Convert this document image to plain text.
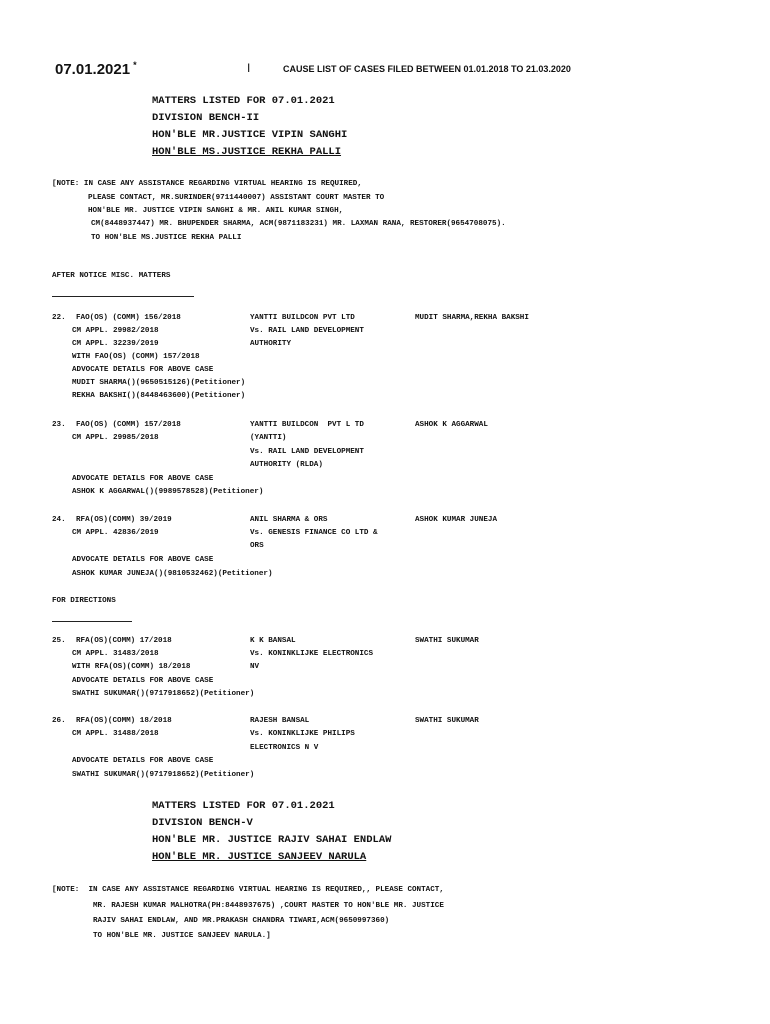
07.01.2021 *	I	CAUSE LIST OF CASES FILED BETWEEN 01.01.2018 TO 21.03.2020
MATTERS LISTED FOR 07.01.2021
DIVISION BENCH-II
HON'BLE MR.JUSTICE VIPIN SANGHI
HON'BLE MS.JUSTICE REKHA PALLI
[NOTE: IN CASE ANY ASSISTANCE REGARDING VIRTUAL HEARING IS REQUIRED,
PLEASE CONTACT, MR.SURINDER(9711440007) ASSISTANT COURT MASTER TO
HON'BLE MR. JUSTICE VIPIN SANGHI & MR. ANIL KUMAR SINGH,
CM(8448937447) MR. BHUPENDER SHARMA, ACM(9871183231) MR. LAXMAN RANA, RESTORER(9654708075).
TO HON'BLE MS.JUSTICE REKHA PALLI
AFTER NOTICE MISC. MATTERS
22. FAO(OS) (COMM) 156/2018
CM APPL. 29982/2018
CM APPL. 32239/2019
WITH FAO(OS) (COMM) 157/2018
YANTTI BUILDCON PVT LTD
Vs. RAIL LAND DEVELOPMENT
AUTHORITY
MUDIT SHARMA,REKHA BAKSHI
ADVOCATE DETAILS FOR ABOVE CASE
MUDIT SHARMA()(9650515126)(Petitioner)
REKHA BAKSHI()(8448463600)(Petitioner)
23. FAO(OS) (COMM) 157/2018
CM APPL. 29985/2018
YANTTI BUILDCON  PVT L TD
(YANTTI)
Vs. RAIL LAND DEVELOPMENT
AUTHORITY (RLDA)
ASHOK K AGGARWAL
ADVOCATE DETAILS FOR ABOVE CASE
ASHOK K AGGARWAL()(9989578528)(Petitioner)
24. RFA(OS)(COMM) 39/2019
CM APPL. 42836/2019
ANIL SHARMA & ORS
Vs. GENESIS FINANCE CO LTD &
ORS
ASHOK KUMAR JUNEJA
ADVOCATE DETAILS FOR ABOVE CASE
ASHOK KUMAR JUNEJA()(9810532462)(Petitioner)
FOR DIRECTIONS
25. RFA(OS)(COMM) 17/2018
CM APPL. 31483/2018
WITH RFA(OS)(COMM) 18/2018
K K BANSAL
Vs. KONINKLIJKE ELECTRONICS
NV
SWATHI SUKUMAR
ADVOCATE DETAILS FOR ABOVE CASE
SWATHI SUKUMAR()(9717918652)(Petitioner)
26. RFA(OS)(COMM) 18/2018
CM APPL. 31488/2018
RAJESH BANSAL
Vs. KONINKLIJKE PHILIPS
ELECTRONICS N V
SWATHI SUKUMAR
ADVOCATE DETAILS FOR ABOVE CASE
SWATHI SUKUMAR()(9717918652)(Petitioner)
MATTERS LISTED FOR 07.01.2021
DIVISION BENCH-V
HON'BLE MR. JUSTICE RAJIV SAHAI ENDLAW
HON'BLE MR. JUSTICE SANJEEV NARULA
[NOTE:  IN CASE ANY ASSISTANCE REGARDING VIRTUAL HEARING IS REQUIRED,, PLEASE CONTACT,
MR. RAJESH KUMAR MALHOTRA(PH:8448937675) ,COURT MASTER TO HON'BLE MR. JUSTICE
RAJIV SAHAI ENDLAW, AND MR.PRAKASH CHANDRA TIWARI,ACM(9650997360)
TO HON'BLE MR. JUSTICE SANJEEV NARULA.]
